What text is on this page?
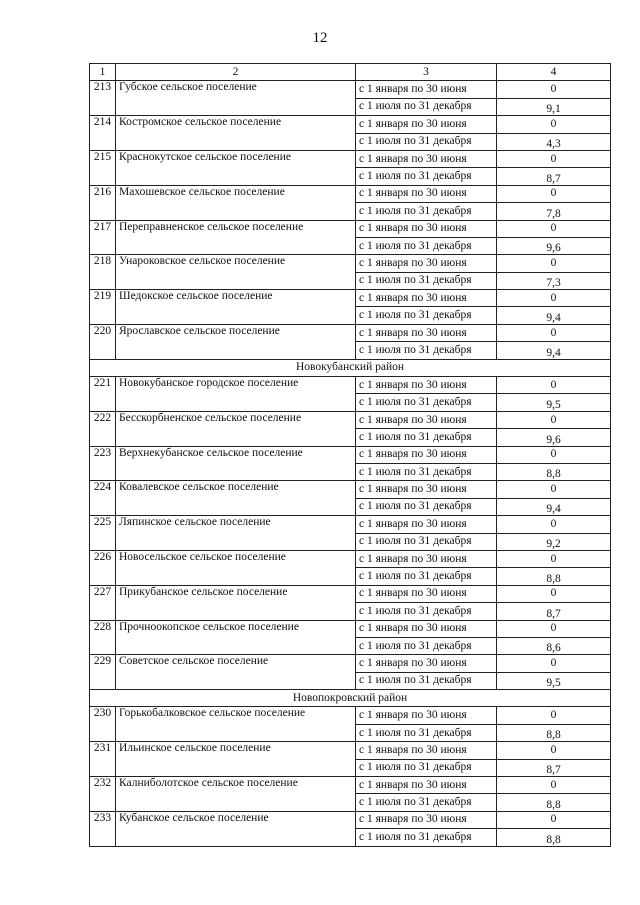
12
1	2	3	4
213	Губское сельское поселение	с 1 января по 30 июня	0
		с 1 июля по 31 декабря	9,1
214	Костромское сельское поселение	с 1 января по 30 июня	0
		с 1 июля по 31 декабря	4,3
215	Краснокутское сельское поселение	с 1 января по 30 июня	0
		с 1 июля по 31 декабря	8,7
216	Махошевское сельское поселение	с 1 января по 30 июня	0
		с 1 июля по 31 декабря	7,8
217	Переправненское сельское поселение	с 1 января по 30 июня	0
		с 1 июля по 31 декабря	9,6
218	Унароковское сельское поселение	с 1 января по 30 июня	0
		с 1 июля по 31 декабря	7,3
219	Шедокское сельское поселение	с 1 января по 30 июня	0
		с 1 июля по 31 декабря	9,4
220	Ярославское сельское поселение	с 1 января по 30 июня	0
		с 1 июля по 31 декабря	9,4
Новокубанский район			
221	Новокубанское городское поселение	с 1 января по 30 июня	0
		с 1 июля по 31 декабря	9,5
222	Бесскорбненское сельское поселение	с 1 января по 30 июня	0
		с 1 июля по 31 декабря	9,6
223	Верхнекубанское сельское поселение	с 1 января по 30 июня	0
		с 1 июля по 31 декабря	8,8
224	Ковалевское сельское поселение	с 1 января по 30 июня	0
		с 1 июля по 31 декабря	9,4
225	Ляпинское сельское поселение	с 1 января по 30 июня	0
		с 1 июля по 31 декабря	9,2
226	Новосельское сельское поселение	с 1 января по 30 июня	0
		с 1 июля по 31 декабря	8,8
227	Прикубанское сельское поселение	с 1 января по 30 июня	0
		с 1 июля по 31 декабря	8,7
228	Прочноокопское сельское поселение	с 1 января по 30 июня	0
		с 1 июля по 31 декабря	8,6
229	Советское сельское поселение	с 1 января по 30 июня	0
		с 1 июля по 31 декабря	9,5
Новопокровский район			
230	Горькобалковское сельское поселение	с 1 января по 30 июня	0
		с 1 июля по 31 декабря	8,8
231	Ильинское сельское поселение	с 1 января по 30 июня	0
		с 1 июля по 31 декабря	8,7
232	Калниболотское сельское поселение	с 1 января по 30 июня	0
		с 1 июля по 31 декабря	8,8
233	Кубанское сельское поселение	с 1 января по 30 июня	0
		с 1 июля по 31 декабря	8,8
